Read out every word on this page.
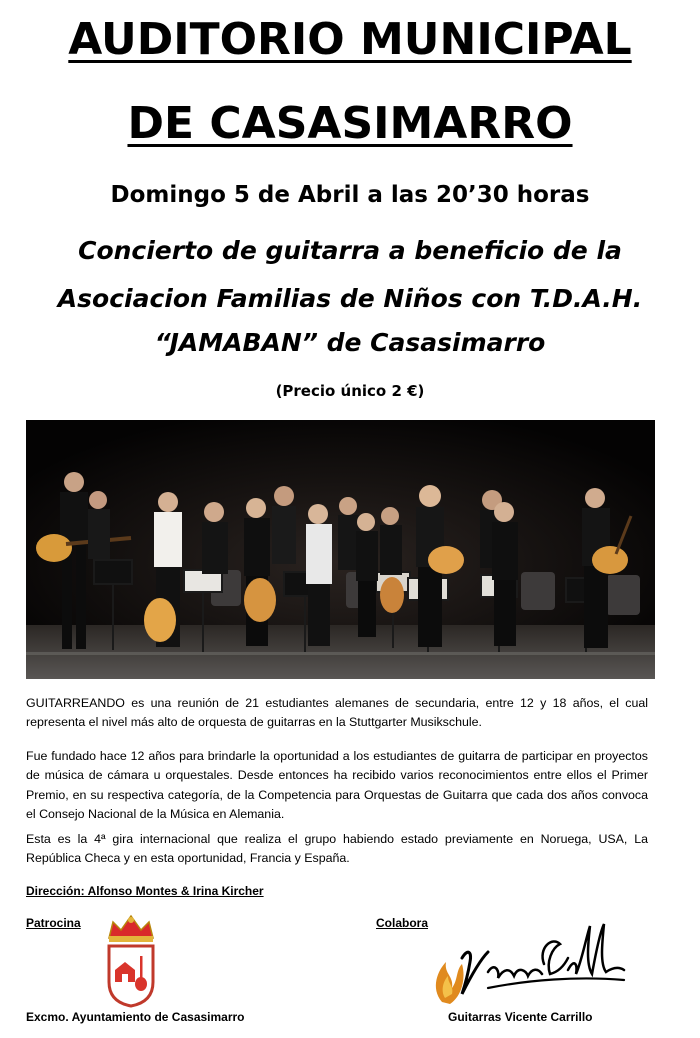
AUDITORIO MUNICIPAL
DE CASASIMARRO
Domingo 5 de Abril a las 20’30 horas
Concierto de guitarra a beneficio de la
Asociacion Familias de Niños con T.D.A.H.
“JAMABAN” de Casasimarro
(Precio único 2 €)
GUITARREANDO es una reunión de 21 estudiantes alemanes de secundaria, entre 12 y 18 años, el cual representa el nivel más alto de orquesta de guitarras en la Stuttgarter Musikschule.
Fue fundado hace 12 años para brindarle la oportunidad a los estudiantes de guitarra de participar en proyectos de música de cámara u orquestales. Desde entonces ha recibido varios reconocimientos entre ellos el Primer Premio, en su respectiva categoría, de la Competencia para Orquestas de Guitarra que cada dos años convoca el Consejo Nacional de la Música en Alemania.
Esta es la 4ª gira internacional que realiza el grupo habiendo estado previamente en Noruega, USA, La República Checa y en esta oportunidad, Francia y España.
Dirección: Alfonso Montes & Irina Kircher
Patrocina
Excmo. Ayuntamiento de Casasimarro
Colabora
Guitarras Vicente Carrillo
